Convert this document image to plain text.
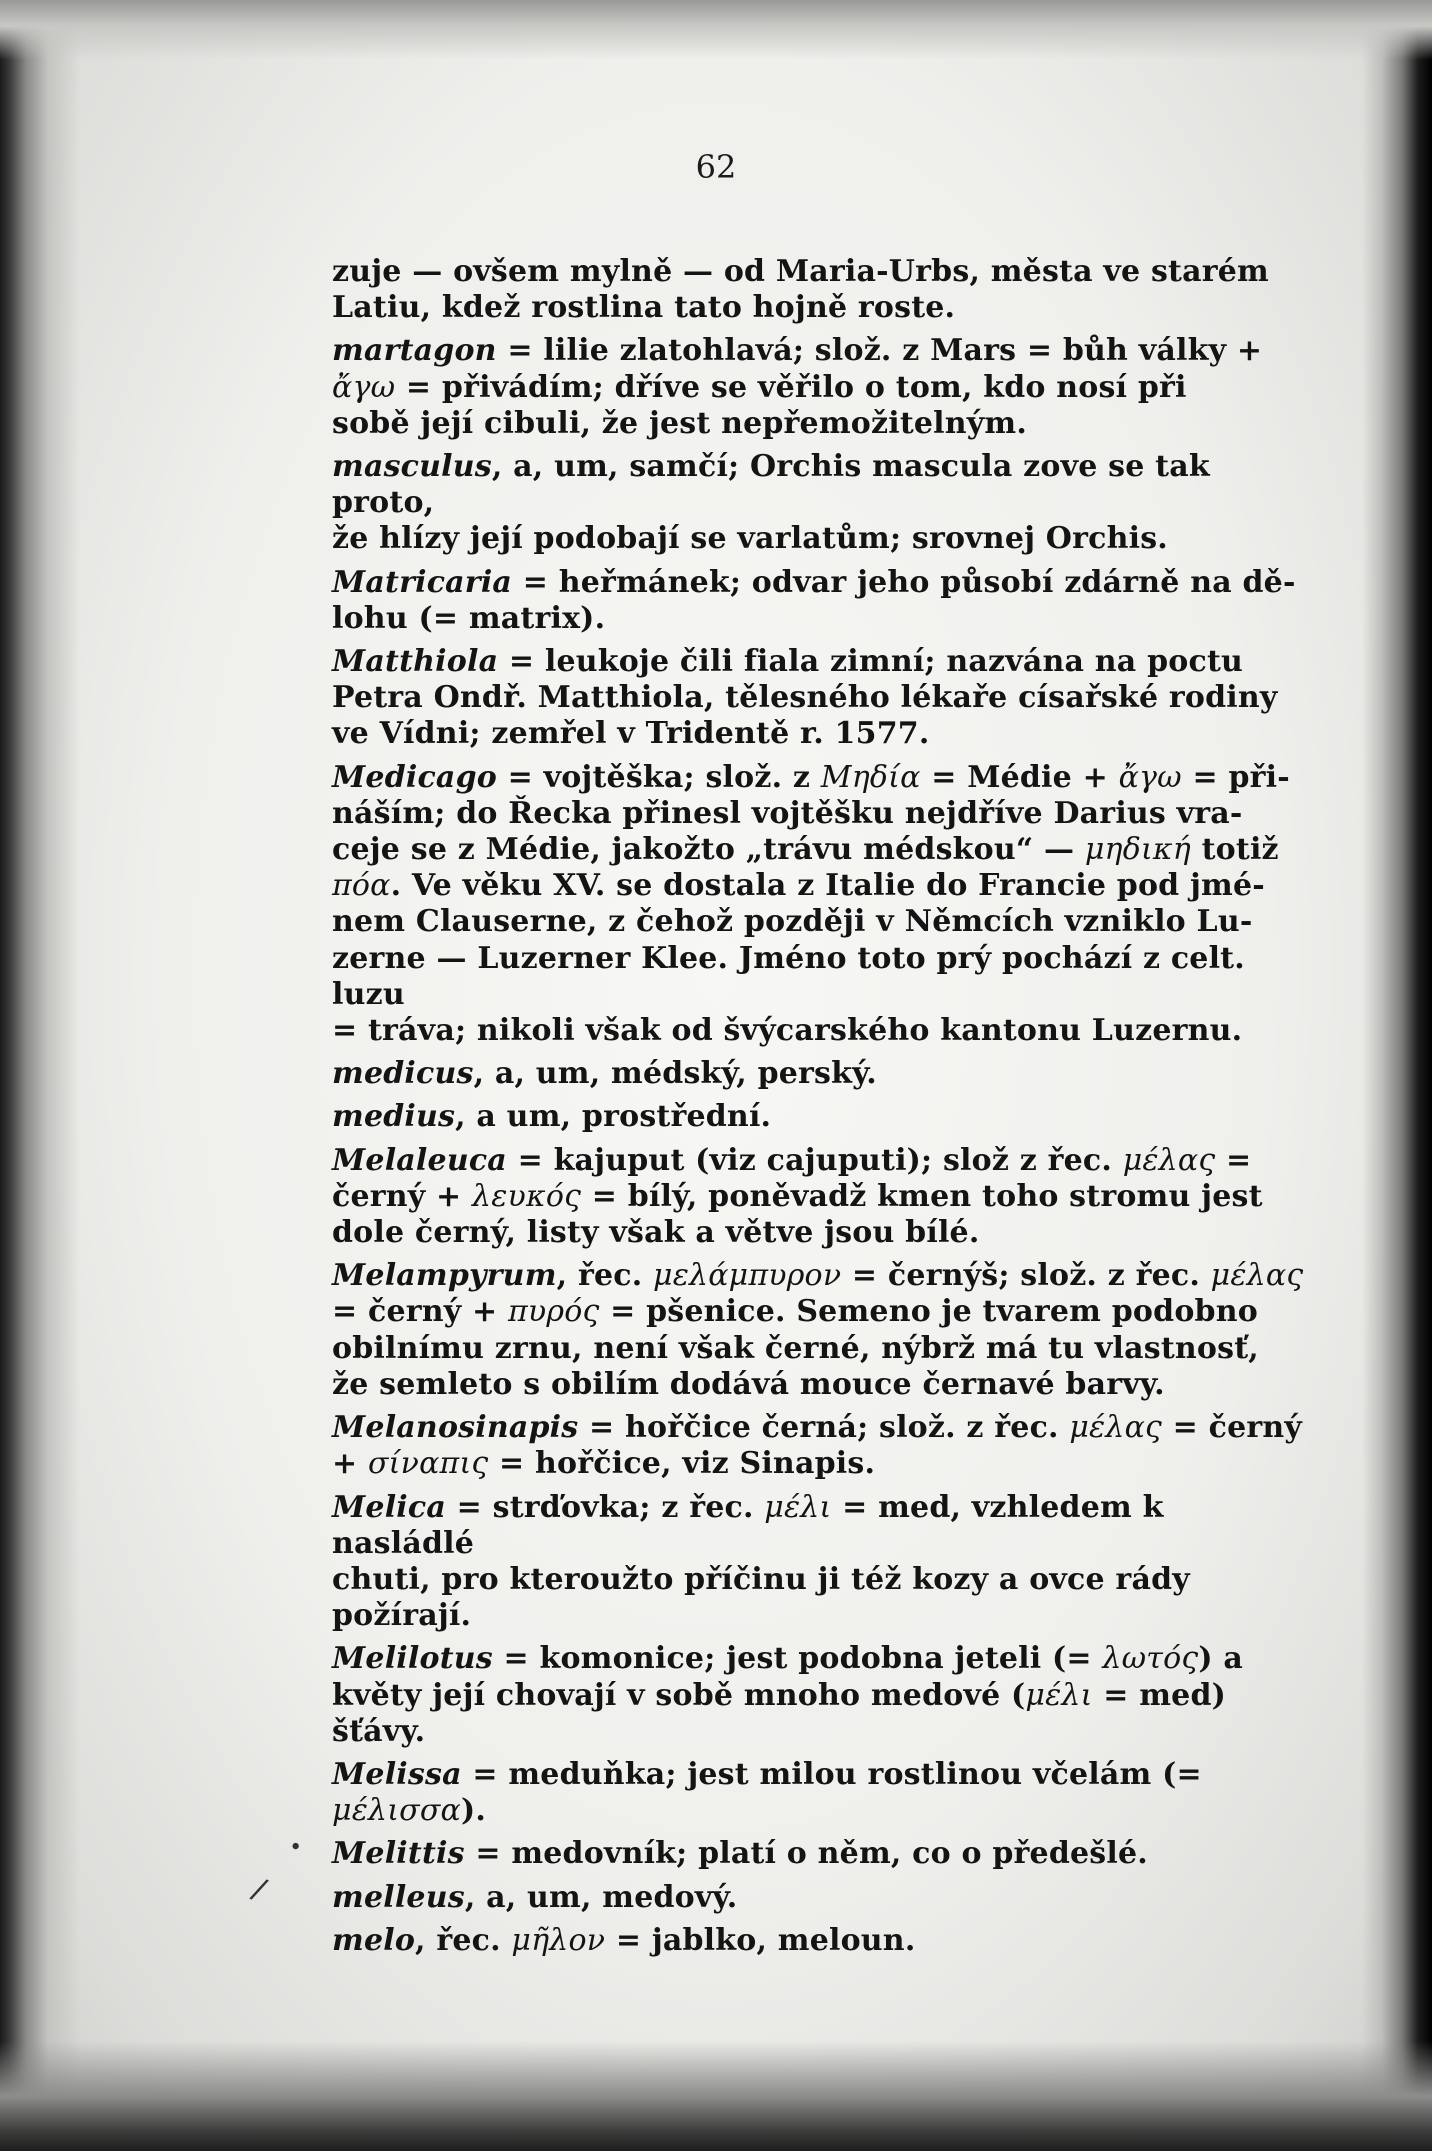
62
zuje — ovšem mylně — od Maria-Urbs, města ve starém
Latiu, kdež rostlina tato hojně roste.
martagon = lilie zlatohlavá; slož. z Mars = bůh války +
ἄγω = přivádím; dříve se věřilo o tom, kdo nosí při
sobě její cibuli, že jest nepřemožitelným.
masculus, a, um, samčí; Orchis mascula zove se tak proto,
že hlízy její podobají se varlatům; srovnej Orchis.
Matricaria = heřmánek; odvar jeho působí zdárně na dě-
lohu (= matrix).
Matthiola = leukoje čili fiala zimní; nazvána na poctu
Petra Ondř. Matthiola, tělesného lékaře císařské rodiny
ve Vídni; zemřel v Tridentě r. 1577.
Medicago = vojtěška; slož. z Μηδία = Médie + ἄγω = při-
náším; do Řecka přinesl vojtěšku nejdříve Darius vra-
ceje se z Médie, jakožto „trávu médskou“ — μηδική totiž
πόα. Ve věku XV. se dostala z Italie do Francie pod jmé-
nem Clauserne, z čehož později v Němcích vzniklo Lu-
zerne — Luzerner Klee. Jméno toto prý pochází z celt. luzu
= tráva; nikoli však od švýcarského kantonu Luzernu.
medicus, a, um, médský, perský.
medius, a um, prostřední.
Melaleuca = kajuput (viz cajuputi); slož z řec. μέλας =
černý + λευκός = bílý, poněvadž kmen toho stromu jest
dole černý, listy však a větve jsou bílé.
Melampyrum, řec. μελάμπυρον = černýš; slož. z řec. μέλας
= černý + πυρός = pšenice. Semeno je tvarem podobno
obilnímu zrnu, není však černé, nýbrž má tu vlastnosť,
že semleto s obilím dodává mouce černavé barvy.
Melanosinapis = hořčice černá; slož. z řec. μέλας = černý
+ σίναπις = hořčice, viz Sinapis.
Melica = strďovka; z řec. μέλι = med, vzhledem k nasládlé
chuti, pro kteroužto příčinu ji též kozy a ovce rády
požírají.
Melilotus = komonice; jest podobna jeteli (= λωτός) a
květy její chovají v sobě mnoho medové (μέλι = med)
šťávy.
Melissa = meduňka; jest milou rostlinou včelám (= μέλισσα).
Melittis = medovník; platí o něm, co o předešlé.
melleus, a, um, medový.
melo, řec. μῆλον = jablko, meloun.
•
/
